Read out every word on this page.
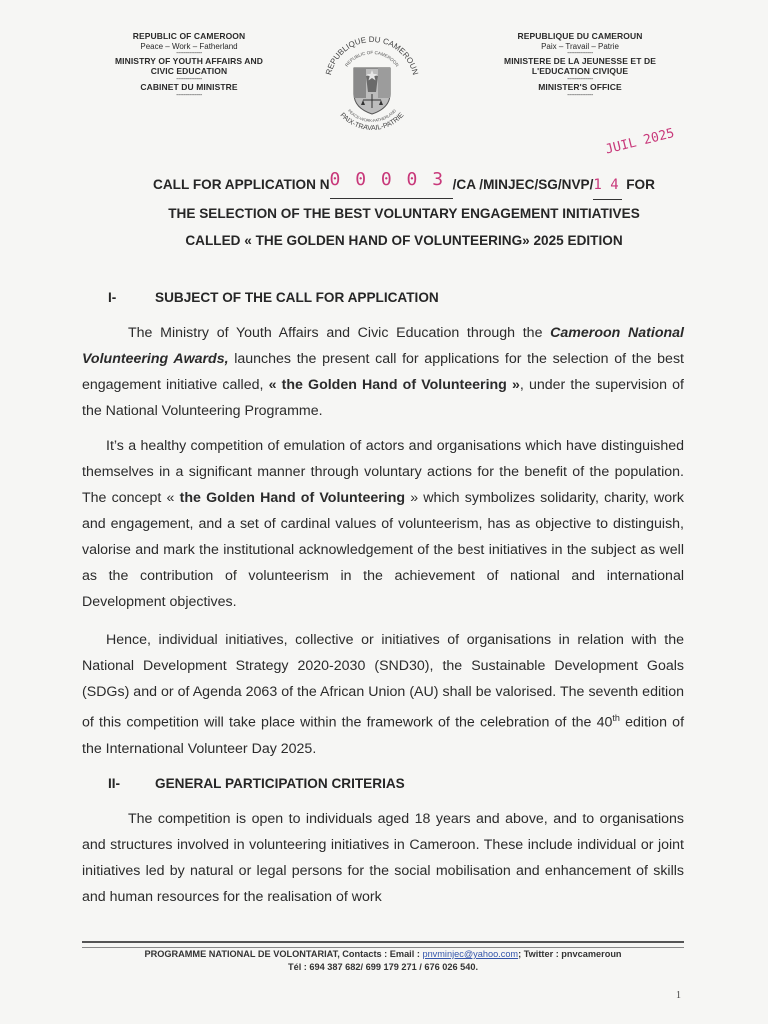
REPUBLIC OF CAMEROON
Peace – Work – Fatherland
--------------
MINISTRY OF YOUTH AFFAIRS AND
CIVIC EDUCATION
--------------
CABINET DU MINISTRE
--------------
REPUBLIQUE DU CAMEROUN
REPUBLIC OF CAMEROON
PAIX-TRAVAIL-PATRIE
PEACE-WORK-FATHERLAND
REPUBLIQUE DU CAMEROUN
Paix – Travail – Patrie
--------------
MINISTERE DE LA JEUNESSE ET DE
L'EDUCATION CIVIQUE
--------------
MINISTER'S OFFICE
--------------
JUIL 2025
CALL FOR APPLICATION N0 0 0 0 3 /CA /MINJEC/SG/NVP/1 4 FOR
THE SELECTION OF THE BEST VOLUNTARY ENGAGEMENT INITIATIVES
CALLED « THE GOLDEN HAND OF VOLUNTEERING» 2025 EDITION
I-	SUBJECT OF THE CALL FOR APPLICATION

The Ministry of Youth Affairs and Civic Education through the Cameroon National Volunteering Awards, launches the present call for applications for the selection of the best engagement initiative called, « the Golden Hand of Volunteering », under the supervision of the National Volunteering Programme.

It’s a healthy competition of emulation of actors and organisations which have distinguished themselves in a significant manner through voluntary actions for the benefit of the population. The concept « the Golden Hand of Volunteering » which symbolizes solidarity, charity, work and engagement, and a set of cardinal values of volunteerism, has as objective to distinguish, valorise and mark the institutional acknowledgement of the best initiatives in the subject as well as the contribution of volunteerism in the achievement of national and international Development objectives.

Hence, individual initiatives, collective or initiatives of organisations in relation with the National Development Strategy 2020-2030 (SND30), the Sustainable Development Goals (SDGs) and or of Agenda 2063 of the African Union (AU) shall be valorised. The seventh edition of this competition will take place within the framework of the celebration of the 40th edition of the International Volunteer Day 2025.

II-	GENERAL PARTICIPATION CRITERIAS

The competition is open to individuals aged 18 years and above, and to organisations and structures involved in volunteering initiatives in Cameroon. These include individual or joint initiatives led by natural or legal persons for the social mobilisation and enhancement of skills and human resources for the realisation of work

PROGRAMME NATIONAL DE VOLONTARIAT, Contacts : Email : pnvminjec@yahoo.com; Twitter : pnvcameroun
Tél : 694 387 682/ 699 179 271 / 676 026 540.
1
